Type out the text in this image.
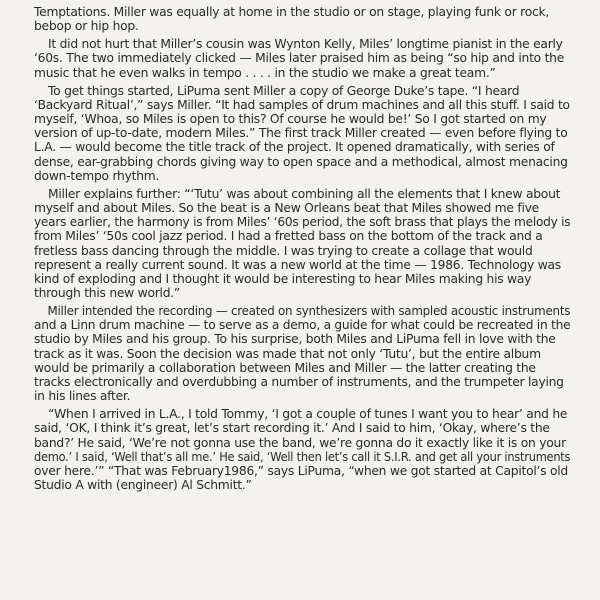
Temptations. Miller was equally at home in the studio or on stage, playing funk or rock,
bebop or hip hop.
It did not hurt that Miller’s cousin was Wynton Kelly, Miles’ longtime pianist in the early
‘60s. The two immediately clicked — Miles later praised him as being “so hip and into the
music that he even walks in tempo . . . . in the studio we make a great team.”
To get things started, LiPuma sent Miller a copy of George Duke’s tape. “I heard
‘Backyard Ritual’,” says Miller. “It had samples of drum machines and all this stuff. I said to
myself, ‘Whoa, so Miles is open to this? Of course he would be!’ So I got started on my
version of up-to-date, modern Miles.” The first track Miller created — even before flying to
L.A. — would become the title track of the project. It opened dramatically, with series of
dense, ear-grabbing chords giving way to open space and a methodical, almost menacing
down-tempo rhythm.
Miller explains further: “‘Tutu’ was about combining all the elements that I knew about
myself and about Miles. So the beat is a New Orleans beat that Miles showed me five
years earlier, the harmony is from Miles’ ‘60s period, the soft brass that plays the melody is
from Miles’ ‘50s cool jazz period. I had a fretted bass on the bottom of the track and a
fretless bass dancing through the middle. I was trying to create a collage that would
represent a really current sound. It was a new world at the time — 1986. Technology was
kind of exploding and I thought it would be interesting to hear Miles making his way
through this new world.”
Miller intended the recording — created on synthesizers with sampled acoustic instruments
and a Linn drum machine — to serve as a demo, a guide for what could be recreated in the
studio by Miles and his group. To his surprise, both Miles and LiPuma fell in love with the
track as it was. Soon the decision was made that not only ‘Tutu’, but the entire album
would be primarily a collaboration between Miles and Miller — the latter creating the
tracks electronically and overdubbing a number of instruments, and the trumpeter laying
in his lines after.
“When I arrived in L.A., I told Tommy, ‘I got a couple of tunes I want you to hear’ and he
said, ‘OK, I think it’s great, let’s start recording it.’ And I said to him, ‘Okay, where’s the
band?’ He said, ‘We’re not gonna use the band, we’re gonna do it exactly like it is on your
demo.’ I said, ‘Well that’s all me.’ He said, ‘Well then let’s call it S.I.R. and get all your instruments
over here.’” “That was February1986,” says LiPuma, “when we got started at Capitol’s old
Studio A with (engineer) Al Schmitt.”
